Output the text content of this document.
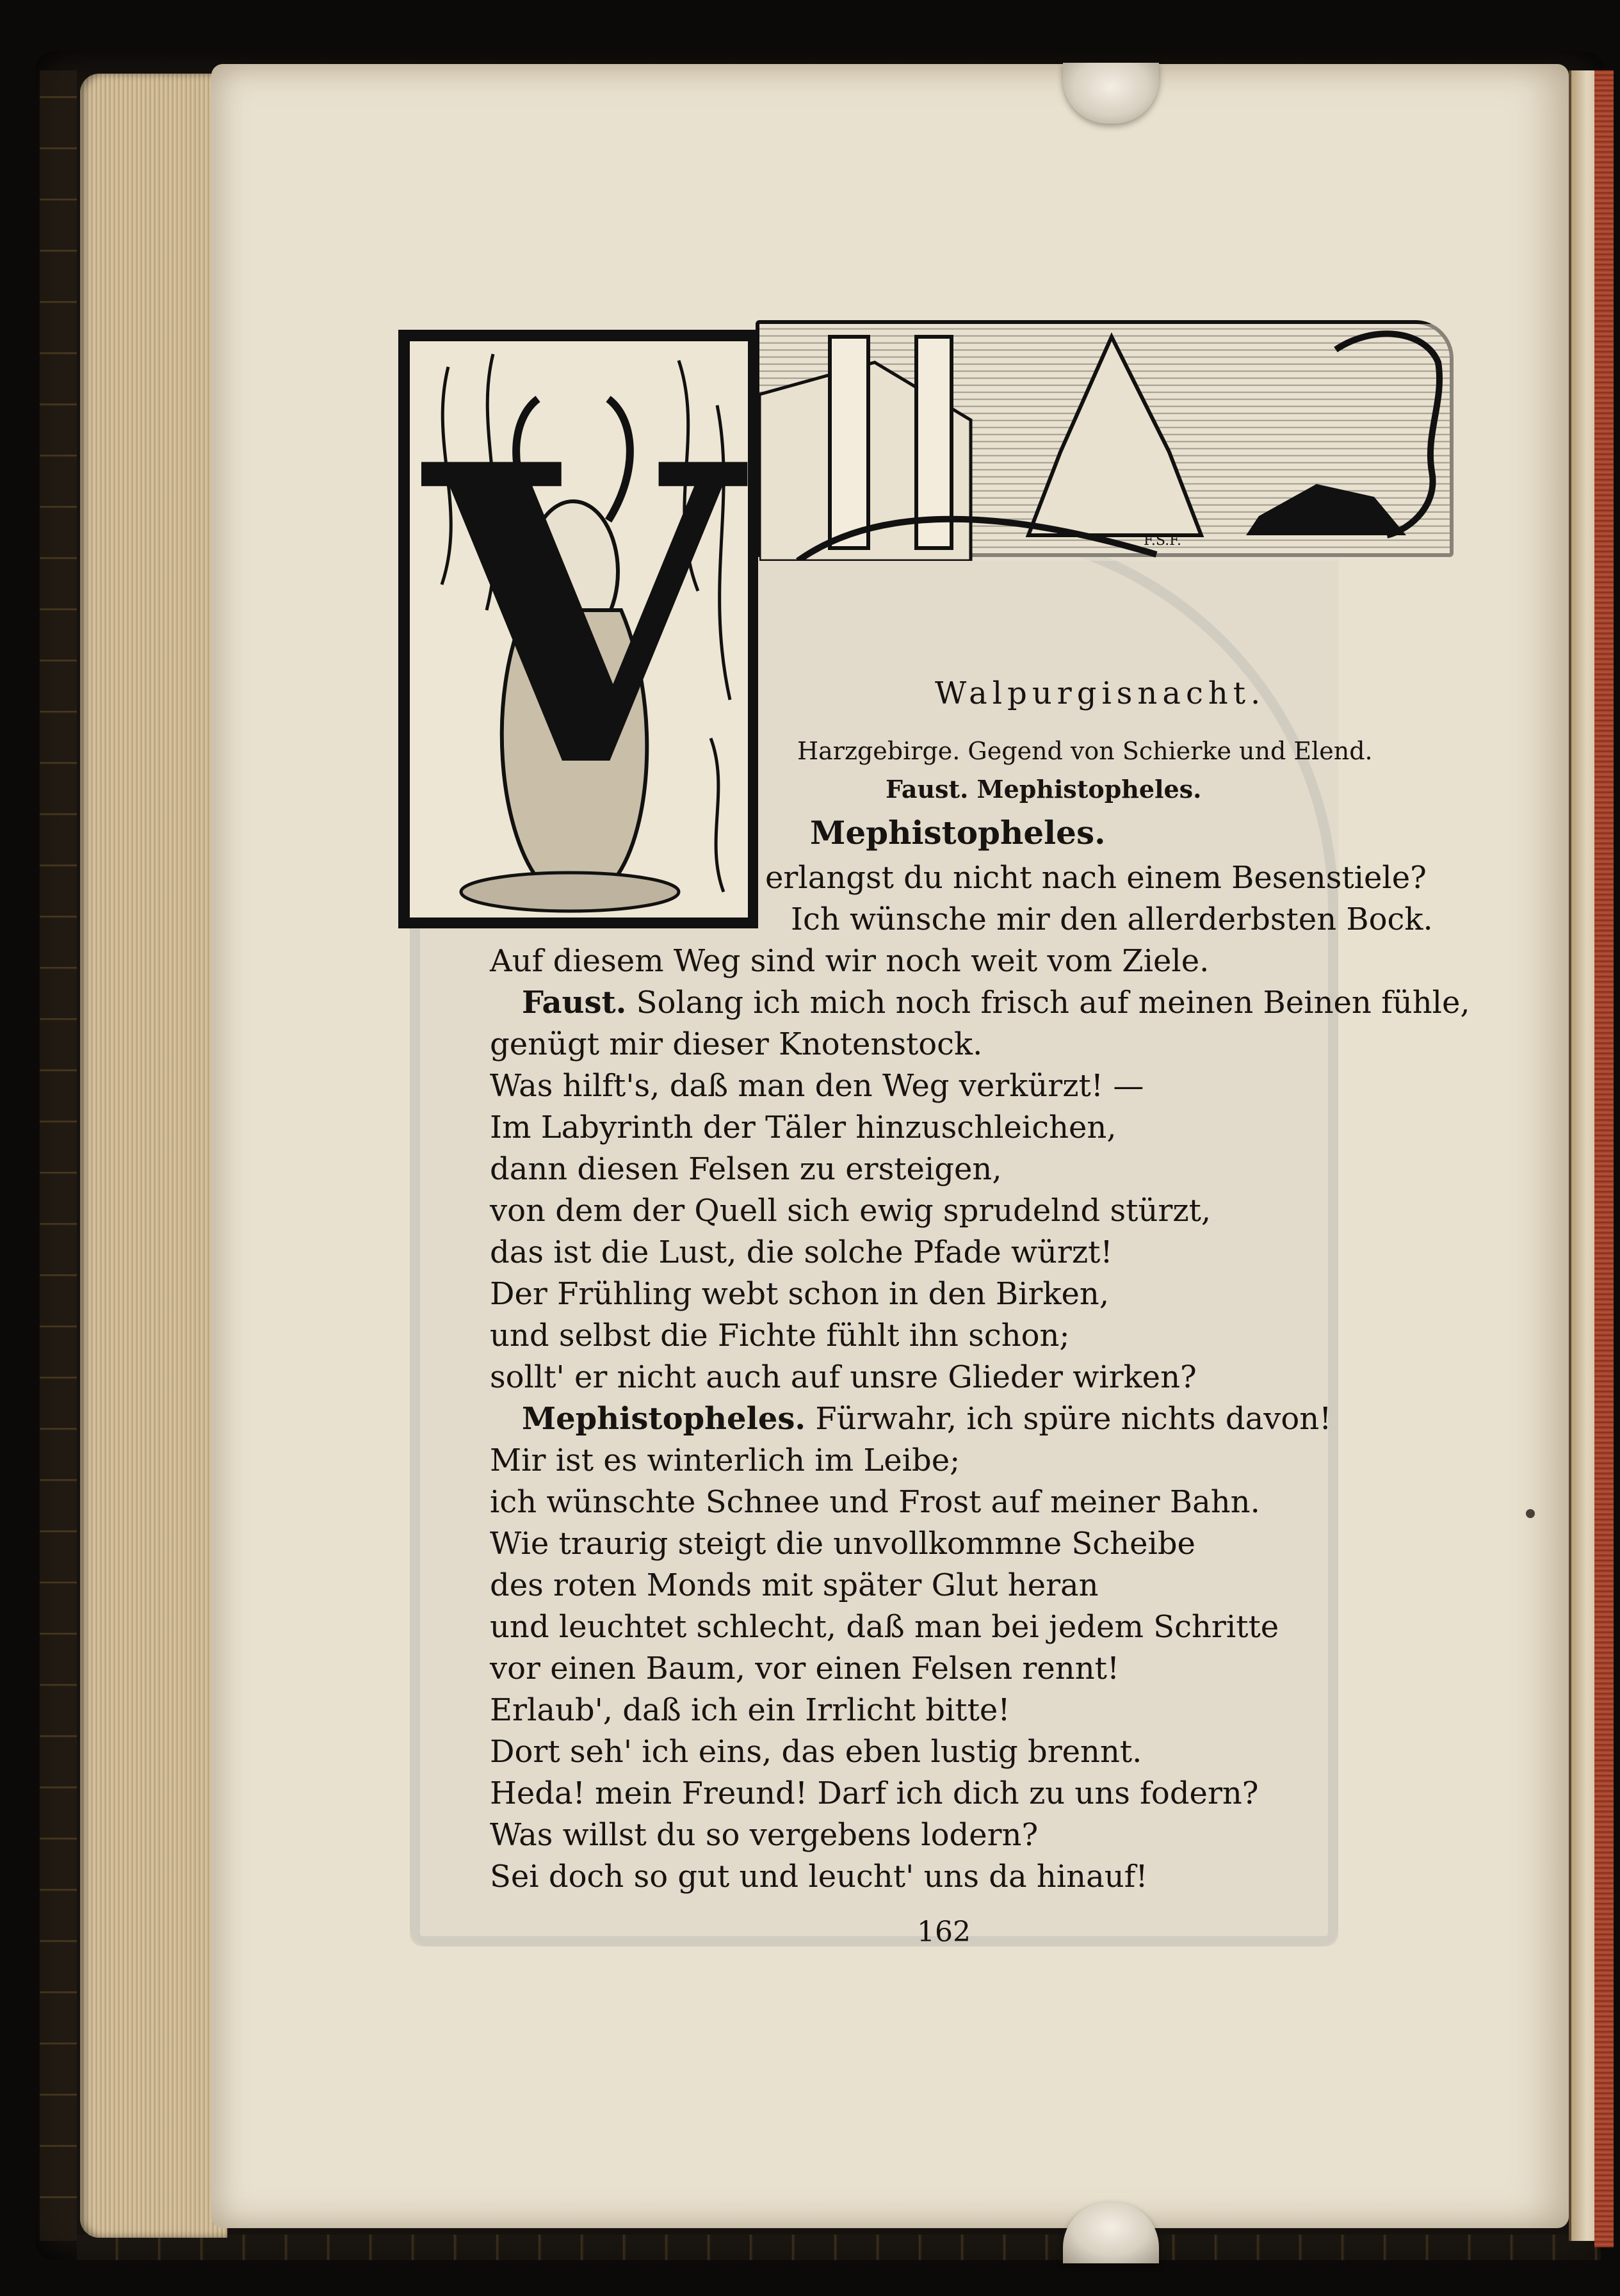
F.S.F.
V	Walpurgisnacht.
Harzgebirge. Gegend von Schierke und Elend.
Faust. Mephistopheles.
Mephistopheles.
erlangst du nicht nach einem Besenstiele?
Ich wünsche mir den allerderbsten Bock.
Auf diesem Weg sind wir noch weit vom Ziele.
Faust. Solang ich mich noch frisch auf meinen Beinen fühle,
genügt mir dieser Knotenstock.
Was hilft's, daß man den Weg verkürzt! —
Im Labyrinth der Täler hinzuschleichen,
dann diesen Felsen zu ersteigen,
von dem der Quell sich ewig sprudelnd stürzt,
das ist die Lust, die solche Pfade würzt!
Der Frühling webt schon in den Birken,
und selbst die Fichte fühlt ihn schon;
sollt' er nicht auch auf unsre Glieder wirken?
Mephistopheles. Fürwahr, ich spüre nichts davon!
Mir ist es winterlich im Leibe;
ich wünschte Schnee und Frost auf meiner Bahn.
Wie traurig steigt die unvollkommne Scheibe
des roten Monds mit später Glut heran
und leuchtet schlecht, daß man bei jedem Schritte
vor einen Baum, vor einen Felsen rennt!
Erlaub', daß ich ein Irrlicht bitte!
Dort seh' ich eins, das eben lustig brennt.
Heda! mein Freund! Darf ich dich zu uns fodern?
Was willst du so vergebens lodern?
Sei doch so gut und leucht' uns da hinauf!
162
